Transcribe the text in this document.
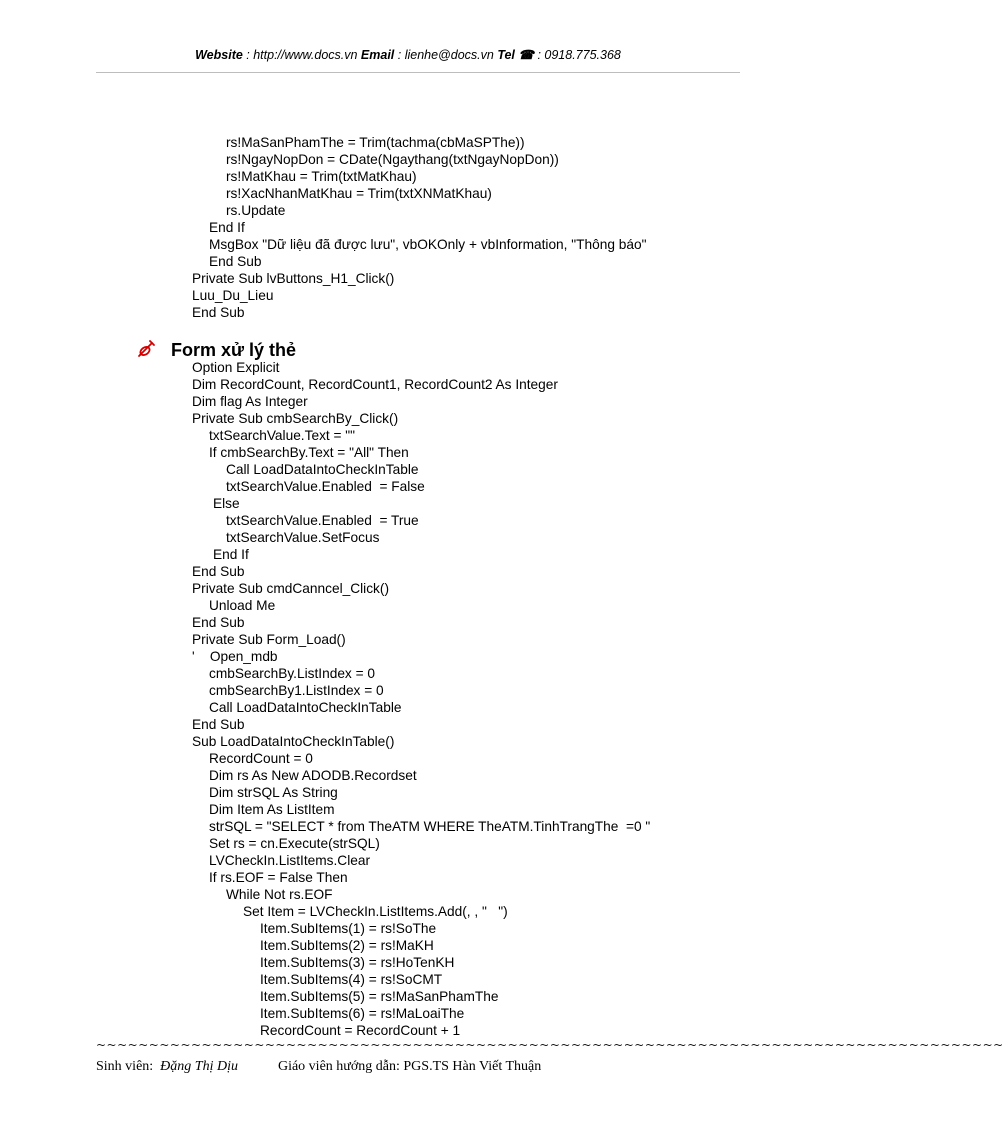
Website : http://www.docs.vn Email : lienhe@docs.vn Tel ☎ : 0918.775.368
rs!MaSanPhamThe = Trim(tachma(cbMaSPThe))
rs!NgayNopDon = CDate(Ngaythang(txtNgayNopDon))
rs!MatKhau = Trim(txtMatKhau)
rs!XacNhanMatKhau = Trim(txtXNMatKhau)
rs.Update
End If
MsgBox "Dữ liệu đã được lưu", vbOKOnly + vbInformation, "Thông báo"
End Sub
Private Sub lvButtons_H1_Click()
Luu_Du_Lieu
End Sub
Form xử lý thẻ
Option Explicit
Dim RecordCount, RecordCount1, RecordCount2 As Integer
Dim flag As Integer
Private Sub cmbSearchBy_Click()
txtSearchValue.Text = ""
If cmbSearchBy.Text = "All" Then
Call LoadDataIntoCheckInTable
txtSearchValue.Enabled  = False
Else
txtSearchValue.Enabled  = True
txtSearchValue.SetFocus
End If
End Sub
Private Sub cmdCanncel_Click()
Unload Me
End Sub
Private Sub Form_Load()
'    Open_mdb
cmbSearchBy.ListIndex = 0
cmbSearchBy1.ListIndex = 0
Call LoadDataIntoCheckInTable
End Sub
Sub LoadDataIntoCheckInTable()
RecordCount = 0
Dim rs As New ADODB.Recordset
Dim strSQL As String
Dim Item As ListItem
strSQL = "SELECT * from TheATM WHERE TheATM.TinhTrangThe  =0 "
Set rs = cn.Execute(strSQL)
LVCheckIn.ListItems.Clear
If rs.EOF = False Then
While Not rs.EOF
Set Item = LVCheckIn.ListItems.Add(, , "   ")
Item.SubItems(1) = rs!SoThe
Item.SubItems(2) = rs!MaKH
Item.SubItems(3) = rs!HoTenKH
Item.SubItems(4) = rs!SoCMT
Item.SubItems(5) = rs!MaSanPhamThe
Item.SubItems(6) = rs!MaLoaiThe
RecordCount = RecordCount + 1
~~~~~~~~~~~~~~~~~~~~~~~~~~~~~~~~~~~~~~~~~~~~~~~~~~~~~~~~~~~~~~~~~~~~~~~~~~~~~~~~~~~~~~
Sinh viên: Đặng Thị Dịu	Giáo viên hướng dẫn: PGS.TS Hàn Viết Thuận
